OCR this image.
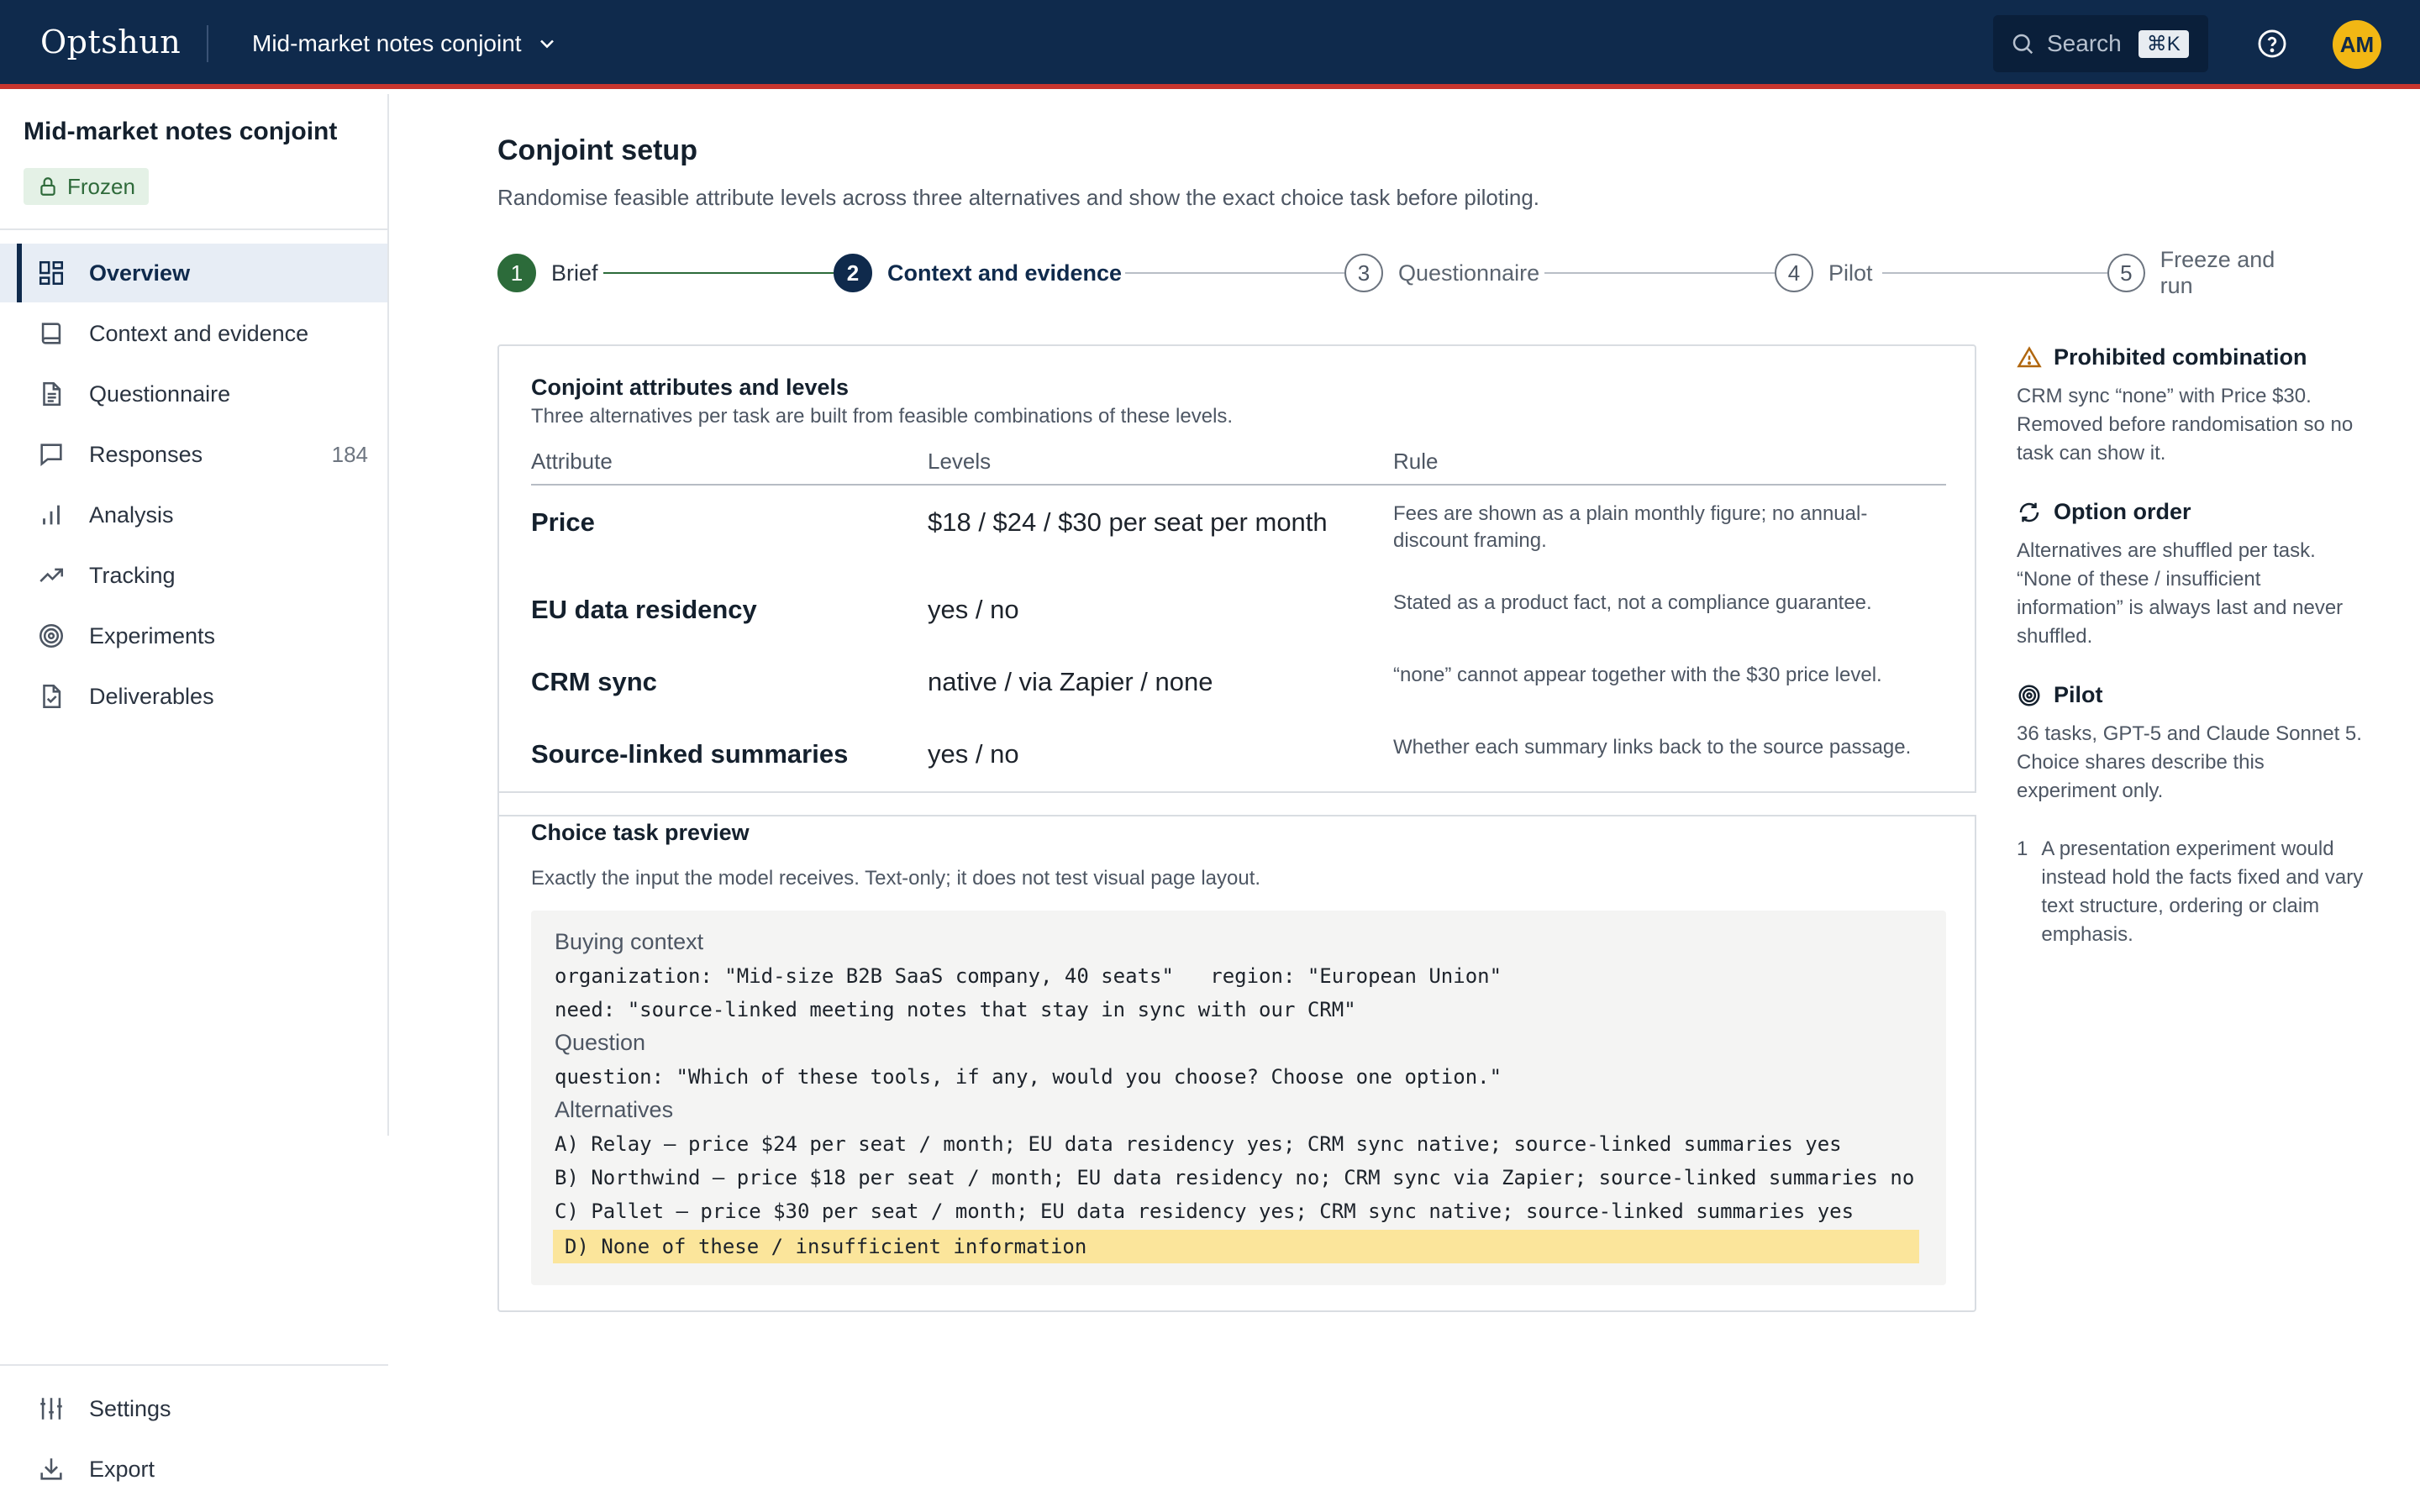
Optshun	Mid-market notes conjoint	Search	⌘K	AM
Mid-market notes conjoint
Frozen
Overview
Context and evidence
Questionnaire
Responses	184
Analysis
Tracking
Experiments
Deliverables
Settings
Export
Conjoint setup

Randomise feasible attribute levels across three alternatives and show the exact choice task before piloting.

1	Brief	2	Context and evidence	3	Questionnaire	4	Pilot	5
Freeze and run
Conjoint attributes and levels
Three alternatives per task are built from feasible combinations of these levels.
Attribute	Levels	Rule
Price	$18 / $24 / $30 per seat per month	Fees are shown as a plain monthly figure; no annual-discount framing.
EU data residency	yes / no	Stated as a product fact, not a compliance guarantee.
CRM sync	native / via Zapier / none	“none” cannot appear together with the $30 price level.
Source-linked summaries	yes / no	Whether each summary links back to the source passage.
Choice task preview
Exactly the input the model receives. Text-only; it does not test visual page layout.
Buying context
organization: "Mid-size B2B SaaS company, 40 seats"   region: "European Union"
need: "source-linked meeting notes that stay in sync with our CRM"
Question
question: "Which of these tools, if any, would you choose? Choose one option."
Alternatives
A) Relay — price $24 per seat / month; EU data residency yes; CRM sync native; source-linked summaries yes
B) Northwind — price $18 per seat / month; EU data residency no; CRM sync via Zapier; source-linked summaries no
C) Pallet — price $30 per seat / month; EU data residency yes; CRM sync native; source-linked summaries yes
D) None of these / insufficient information
Prohibited combination
CRM sync “none” with Price $30. Removed before randomisation so no task can show it.
Option order
Alternatives are shuffled per task. “None of these / insufficient information” is always last and never shuffled.
Pilot
36 tasks, GPT-5 and Claude Sonnet 5. Choice shares describe this experiment only.
1 A presentation experiment would instead hold the facts fixed and vary text structure, ordering or claim emphasis.
